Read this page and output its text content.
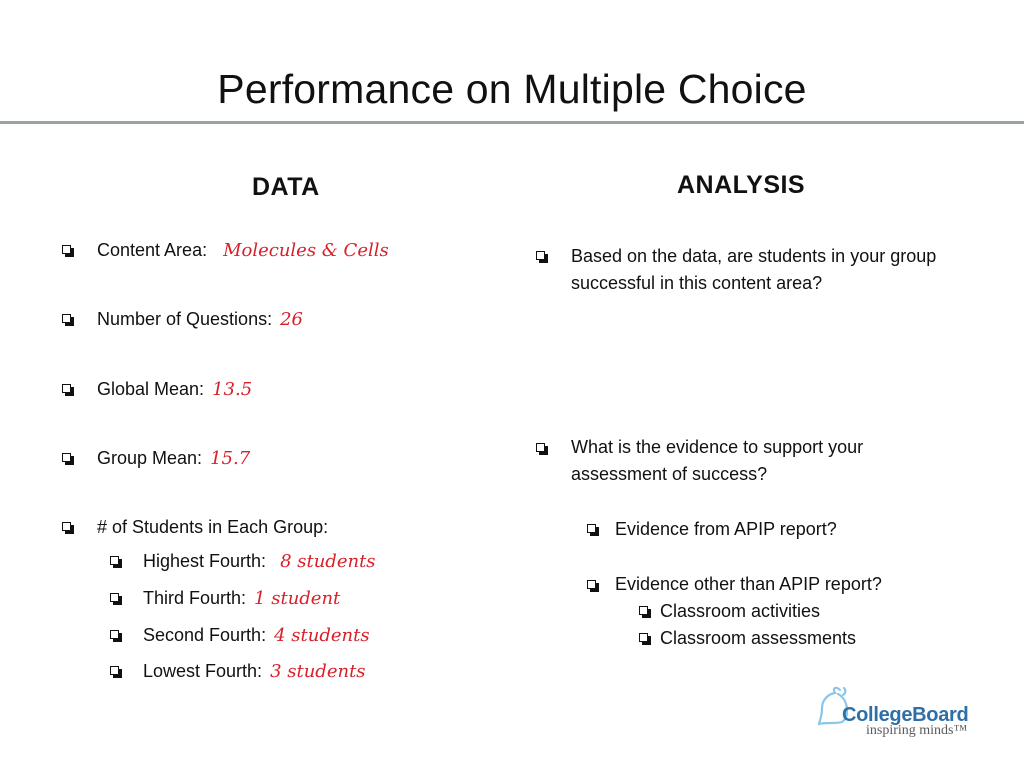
Performance on Multiple Choice
DATA
Content Area: Molecules & Cells
Number of Questions: 26
Global Mean: 13.5
Group Mean: 15.7
# of Students in Each Group:
Highest Fourth: 8 students
Third Fourth: 1 student
Second Fourth: 4 students
Lowest Fourth: 3 students
ANALYSIS
Based on the data, are students in your group successful in this content area?
What is the evidence to support your assessment of success?
Evidence from APIP report?
Evidence other than APIP report?
Classroom activities
Classroom assessments
CollegeBoard
inspiring minds™
